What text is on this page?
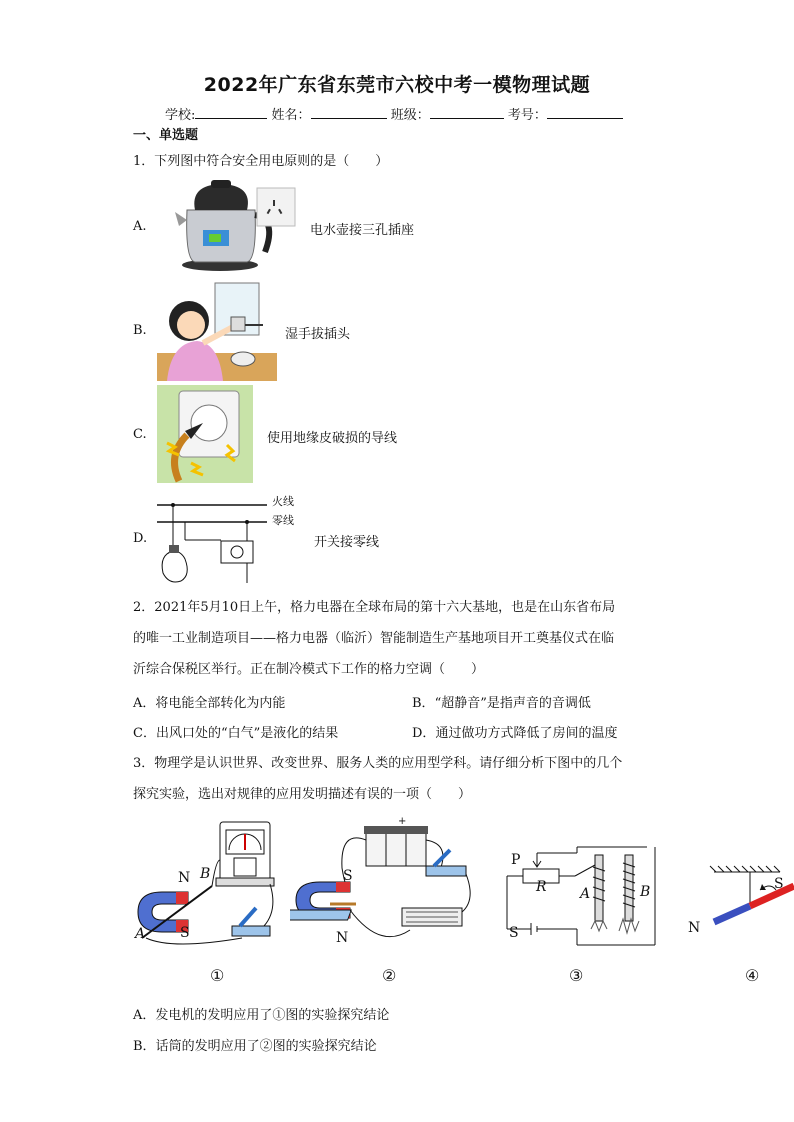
2022年广东省东莞市六校中考一模物理试题
学校:	姓名：	班级：	考号：
一、单选题
1．下列图中符合安全用电原则的是（　　）
A.	电水壶接三孔插座
B.	湿手拔插头
C.	使用地缘皮破损的导线
D.
火线
零线
开关接零线
2．2021年5月10日上午，格力电器在全球布局的第十六大基地，也是在山东省布局
的唯一工业制造项目——格力电器（临沂）智能制造生产基地项目开工奠基仪式在临
沂综合保税区举行。正在制冷模式下工作的格力空调（　　）
A．将电能全部转化为内能	B．“超静音”是指声音的音调低
C．出风口处的“白气”是液化的结果	D．通过做功方式降低了房间的温度
3．物理学是认识世界、改变世界、服务人类的应用型学科。请仔细分析下图中的几个
探究实验，选出对规律的应用发明描述有误的一项（　　）
N B
A S
①
S
N
+
②
P
R A	B
S
③
N
S
④
A．发电机的发明应用了①图的实验探究结论
B．话筒的发明应用了②图的实验探究结论
